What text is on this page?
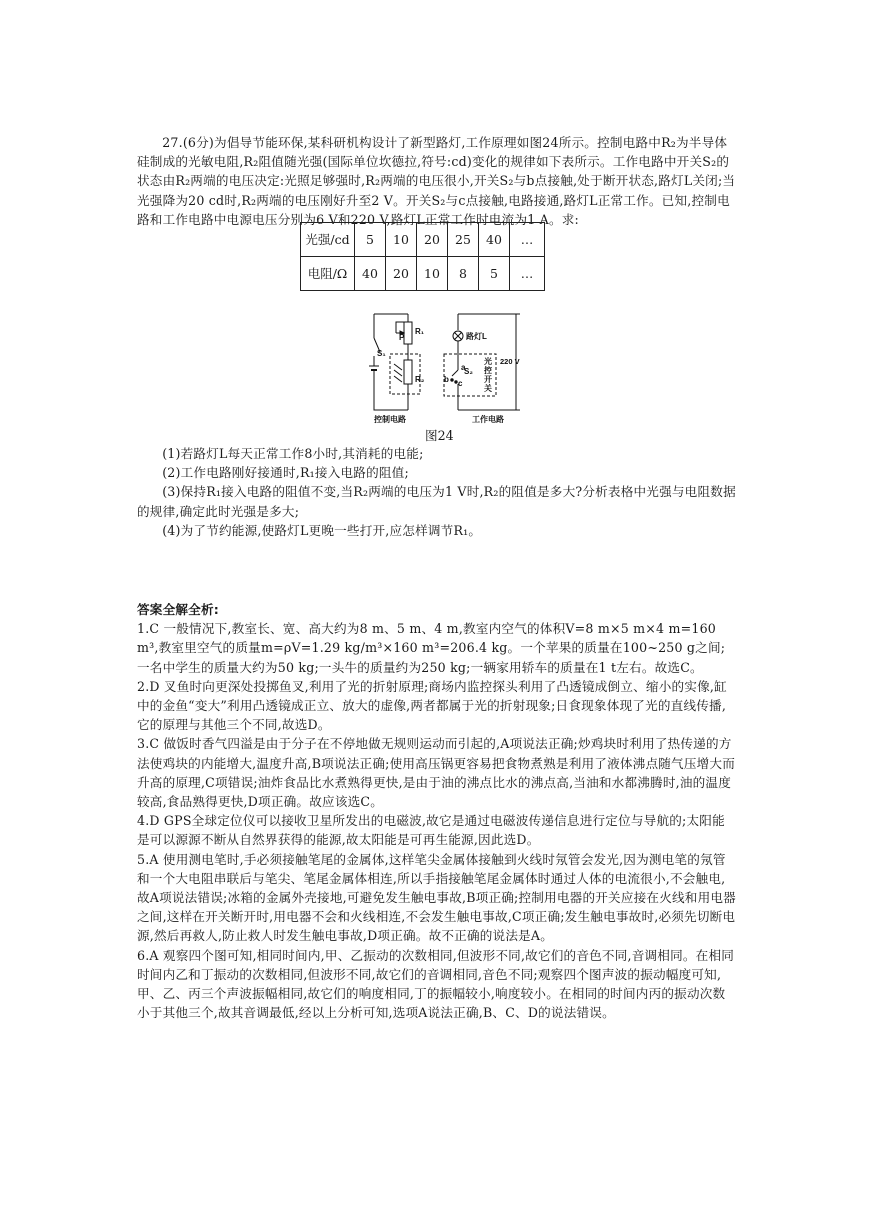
27.(6分)为倡导节能环保,某科研机构设计了新型路灯,工作原理如图24所示。控制电路中R₂为半导体硅制成的光敏电阻,R₂阻值随光强(国际单位坎德拉,符号:cd)变化的规律如下表所示。工作电路中开关S₂的状态由R₂两端的电压决定:光照足够强时,R₂两端的电压很小,开关S₂与b点接触,处于断开状态,路灯L关闭;当光强降为20 cd时,R₂两端的电压刚好升至2 V。开关S₂与c点接触,电路接通,路灯L正常工作。已知,控制电路和工作电路中电源电压分别为6 V和220 V,路灯L正常工作时电流为1 A。求:
光强/cd	5	10	20	25	40	…
电阻/Ω	40	20	10	8	5	…
P
R₁
S₁
R₂
a
b c
S₂
路灯L
220 V
光
控
开
关
控制电路	工作电路
图24
(1)若路灯L每天正常工作8小时,其消耗的电能;
(2)工作电路刚好接通时,R₁接入电路的阻值;
(3)保持R₁接入电路的阻值不变,当R₂两端的电压为1 V时,R₂的阻值是多大?分析表格中光强与电阻数据的规律,确定此时光强是多大;
(4)为了节约能源,使路灯L更晚一些打开,应怎样调节R₁。
答案全解全析:
1.C 一般情况下,教室长、宽、高大约为8 m、5 m、4 m,教室内空气的体积V=8 m×5 m×4 m=160 m³,教室里空气的质量m=ρV=1.29 kg/m³×160 m³=206.4 kg。一个苹果的质量在100~250 g之间;一名中学生的质量大约为50 kg;一头牛的质量约为250 kg;一辆家用轿车的质量在1 t左右。故选C。
2.D 叉鱼时向更深处投掷鱼叉,利用了光的折射原理;商场内监控探头利用了凸透镜成倒立、缩小的实像,缸中的金鱼“变大”利用凸透镜成正立、放大的虚像,两者都属于光的折射现象;日食现象体现了光的直线传播,它的原理与其他三个不同,故选D。
3.C 做饭时香气四溢是由于分子在不停地做无规则运动而引起的,A项说法正确;炒鸡块时利用了热传递的方法使鸡块的内能增大,温度升高,B项说法正确;使用高压锅更容易把食物煮熟是利用了液体沸点随气压增大而升高的原理,C项错误;油炸食品比水煮熟得更快,是由于油的沸点比水的沸点高,当油和水都沸腾时,油的温度较高,食品熟得更快,D项正确。故应该选C。
4.D GPS全球定位仪可以接收卫星所发出的电磁波,故它是通过电磁波传递信息进行定位与导航的;太阳能是可以源源不断从自然界获得的能源,故太阳能是可再生能源,因此选D。
5.A 使用测电笔时,手必须接触笔尾的金属体,这样笔尖金属体接触到火线时氖管会发光,因为测电笔的氖管和一个大电阻串联后与笔尖、笔尾金属体相连,所以手指接触笔尾金属体时通过人体的电流很小,不会触电,故A项说法错误;冰箱的金属外壳接地,可避免发生触电事故,B项正确;控制用电器的开关应接在火线和用电器之间,这样在开关断开时,用电器不会和火线相连,不会发生触电事故,C项正确;发生触电事故时,必须先切断电源,然后再救人,防止救人时发生触电事故,D项正确。故不正确的说法是A。
6.A 观察四个图可知,相同时间内,甲、乙振动的次数相同,但波形不同,故它们的音色不同,音调相同。在相同时间内乙和丁振动的次数相同,但波形不同,故它们的音调相同,音色不同;观察四个图声波的振动幅度可知,甲、乙、丙三个声波振幅相同,故它们的响度相同,丁的振幅较小,响度较小。在相同的时间内丙的振动次数小于其他三个,故其音调最低,经以上分析可知,选项A说法正确,B、C、D的说法错误。
